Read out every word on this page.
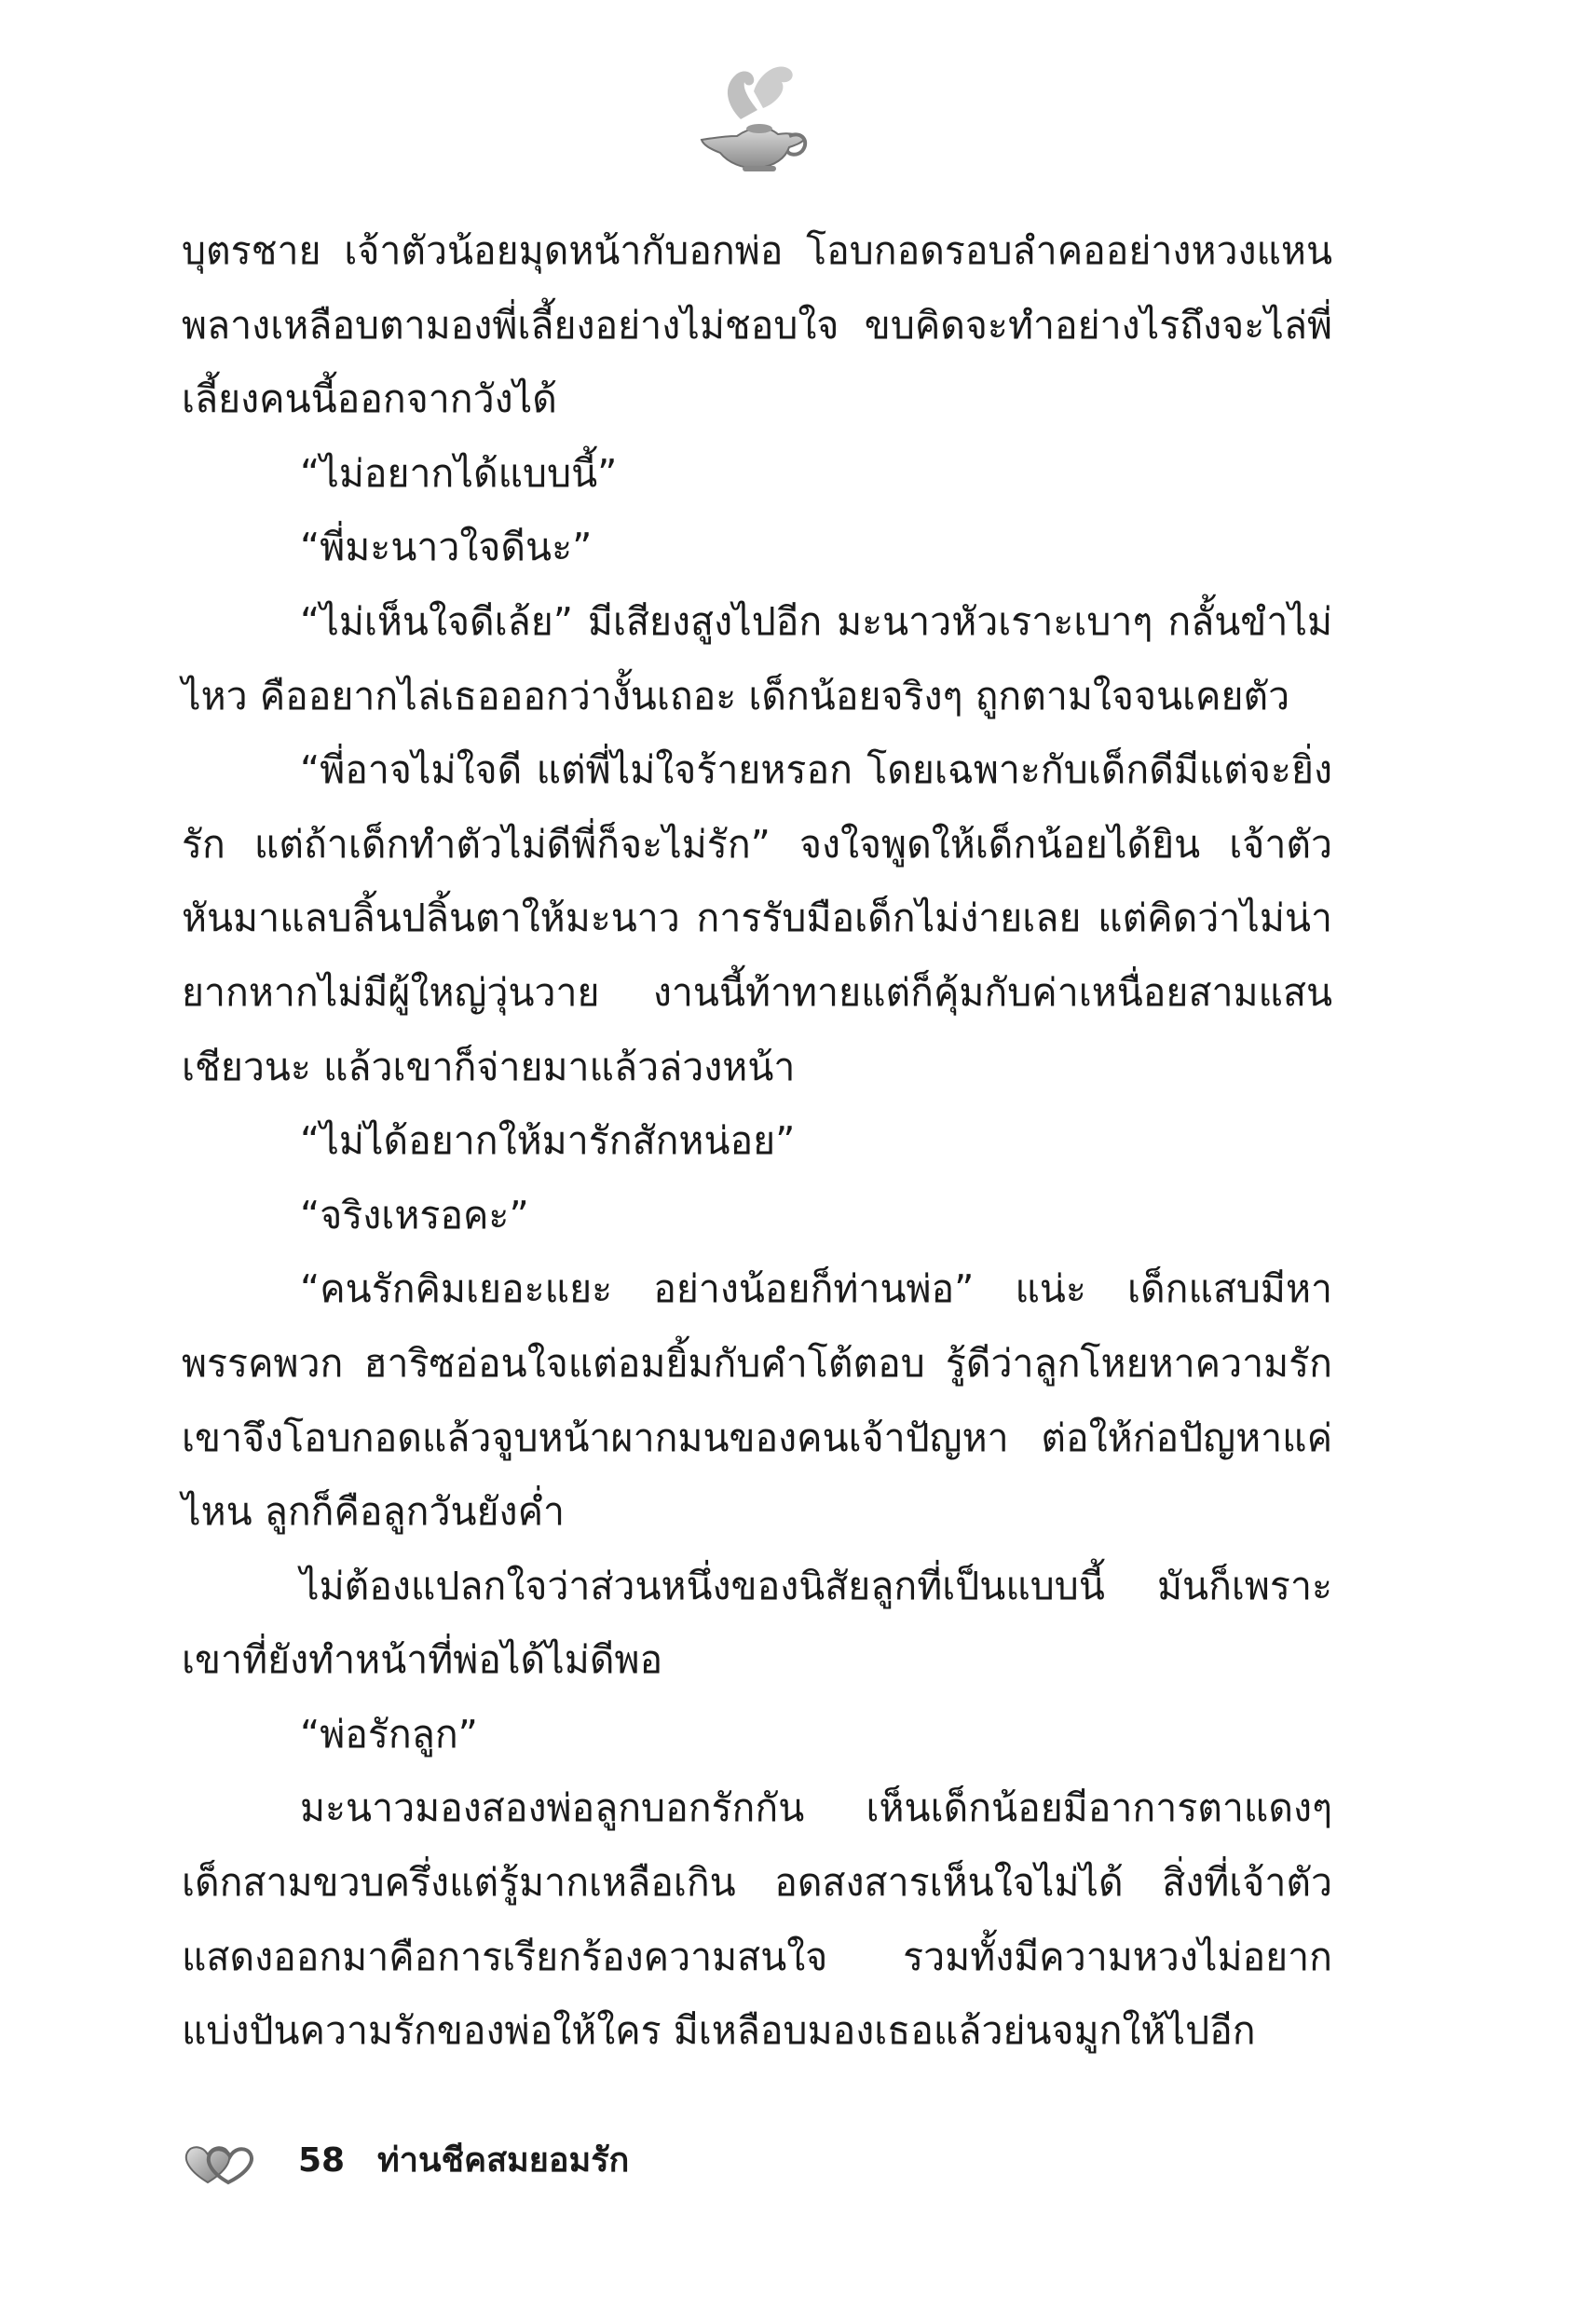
บุตรชาย เจ้าตัวน้อยมุดหน้ากับอกพ่อ โอบกอดรอบลำคออย่างหวงแหน พลางเหลือบตามองพี่เลี้ยงอย่างไม่ชอบใจ ขบคิดจะทำอย่างไรถึงจะไล่พี่เลี้ยงคนนี้ออกจากวังได้

“ไม่อยากได้แบบนี้”

“พี่มะนาวใจดีนะ”

“ไม่เห็นใจดีเล้ย” มีเสียงสูงไปอีก มะนาวหัวเราะเบาๆ กลั้นขำไม่ไหว คืออยากไล่เธอออกว่างั้นเถอะ เด็กน้อยจริงๆ ถูกตามใจจนเคยตัว

“พี่อาจไม่ใจดี แต่พี่ไม่ใจร้ายหรอก โดยเฉพาะกับเด็กดีมีแต่จะยิ่งรัก แต่ถ้าเด็กทำตัวไม่ดีพี่ก็จะไม่รัก” จงใจพูดให้เด็กน้อยได้ยิน เจ้าตัวหันมาแลบลิ้นปลิ้นตาให้มะนาว การรับมือเด็กไม่ง่ายเลย แต่คิดว่าไม่น่ายากหากไม่มีผู้ใหญ่วุ่นวาย งานนี้ท้าทายแต่ก็คุ้มกับค่าเหนื่อยสามแสนเชียวนะ แล้วเขาก็จ่ายมาแล้วล่วงหน้า

“ไม่ได้อยากให้มารักสักหน่อย”

“จริงเหรอคะ”

“คนรักคิมเยอะแยะ อย่างน้อยก็ท่านพ่อ” แน่ะ เด็กแสบมีหาพรรคพวก ฮาริซอ่อนใจแต่อมยิ้มกับคำโต้ตอบ รู้ดีว่าลูกโหยหาความรัก เขาจึงโอบกอดแล้วจูบหน้าผากมนของคนเจ้าปัญหา ต่อให้ก่อปัญหาแค่ไหน ลูกก็คือลูกวันยังค่ำ

ไม่ต้องแปลกใจว่าส่วนหนึ่งของนิสัยลูกที่เป็นแบบนี้ มันก็เพราะเขาที่ยังทำหน้าที่พ่อได้ไม่ดีพอ

“พ่อรักลูก”

มะนาวมองสองพ่อลูกบอกรักกัน เห็นเด็กน้อยมีอาการตาแดงๆ เด็กสามขวบครึ่งแต่รู้มากเหลือเกิน อดสงสารเห็นใจไม่ได้ สิ่งที่เจ้าตัวแสดงออกมาคือการเรียกร้องความสนใจ รวมทั้งมีความหวงไม่อยากแบ่งปันความรักของพ่อให้ใคร มีเหลือบมองเธอแล้วย่นจมูกให้ไปอีก

58 ท่านชีคสมยอมรัก
